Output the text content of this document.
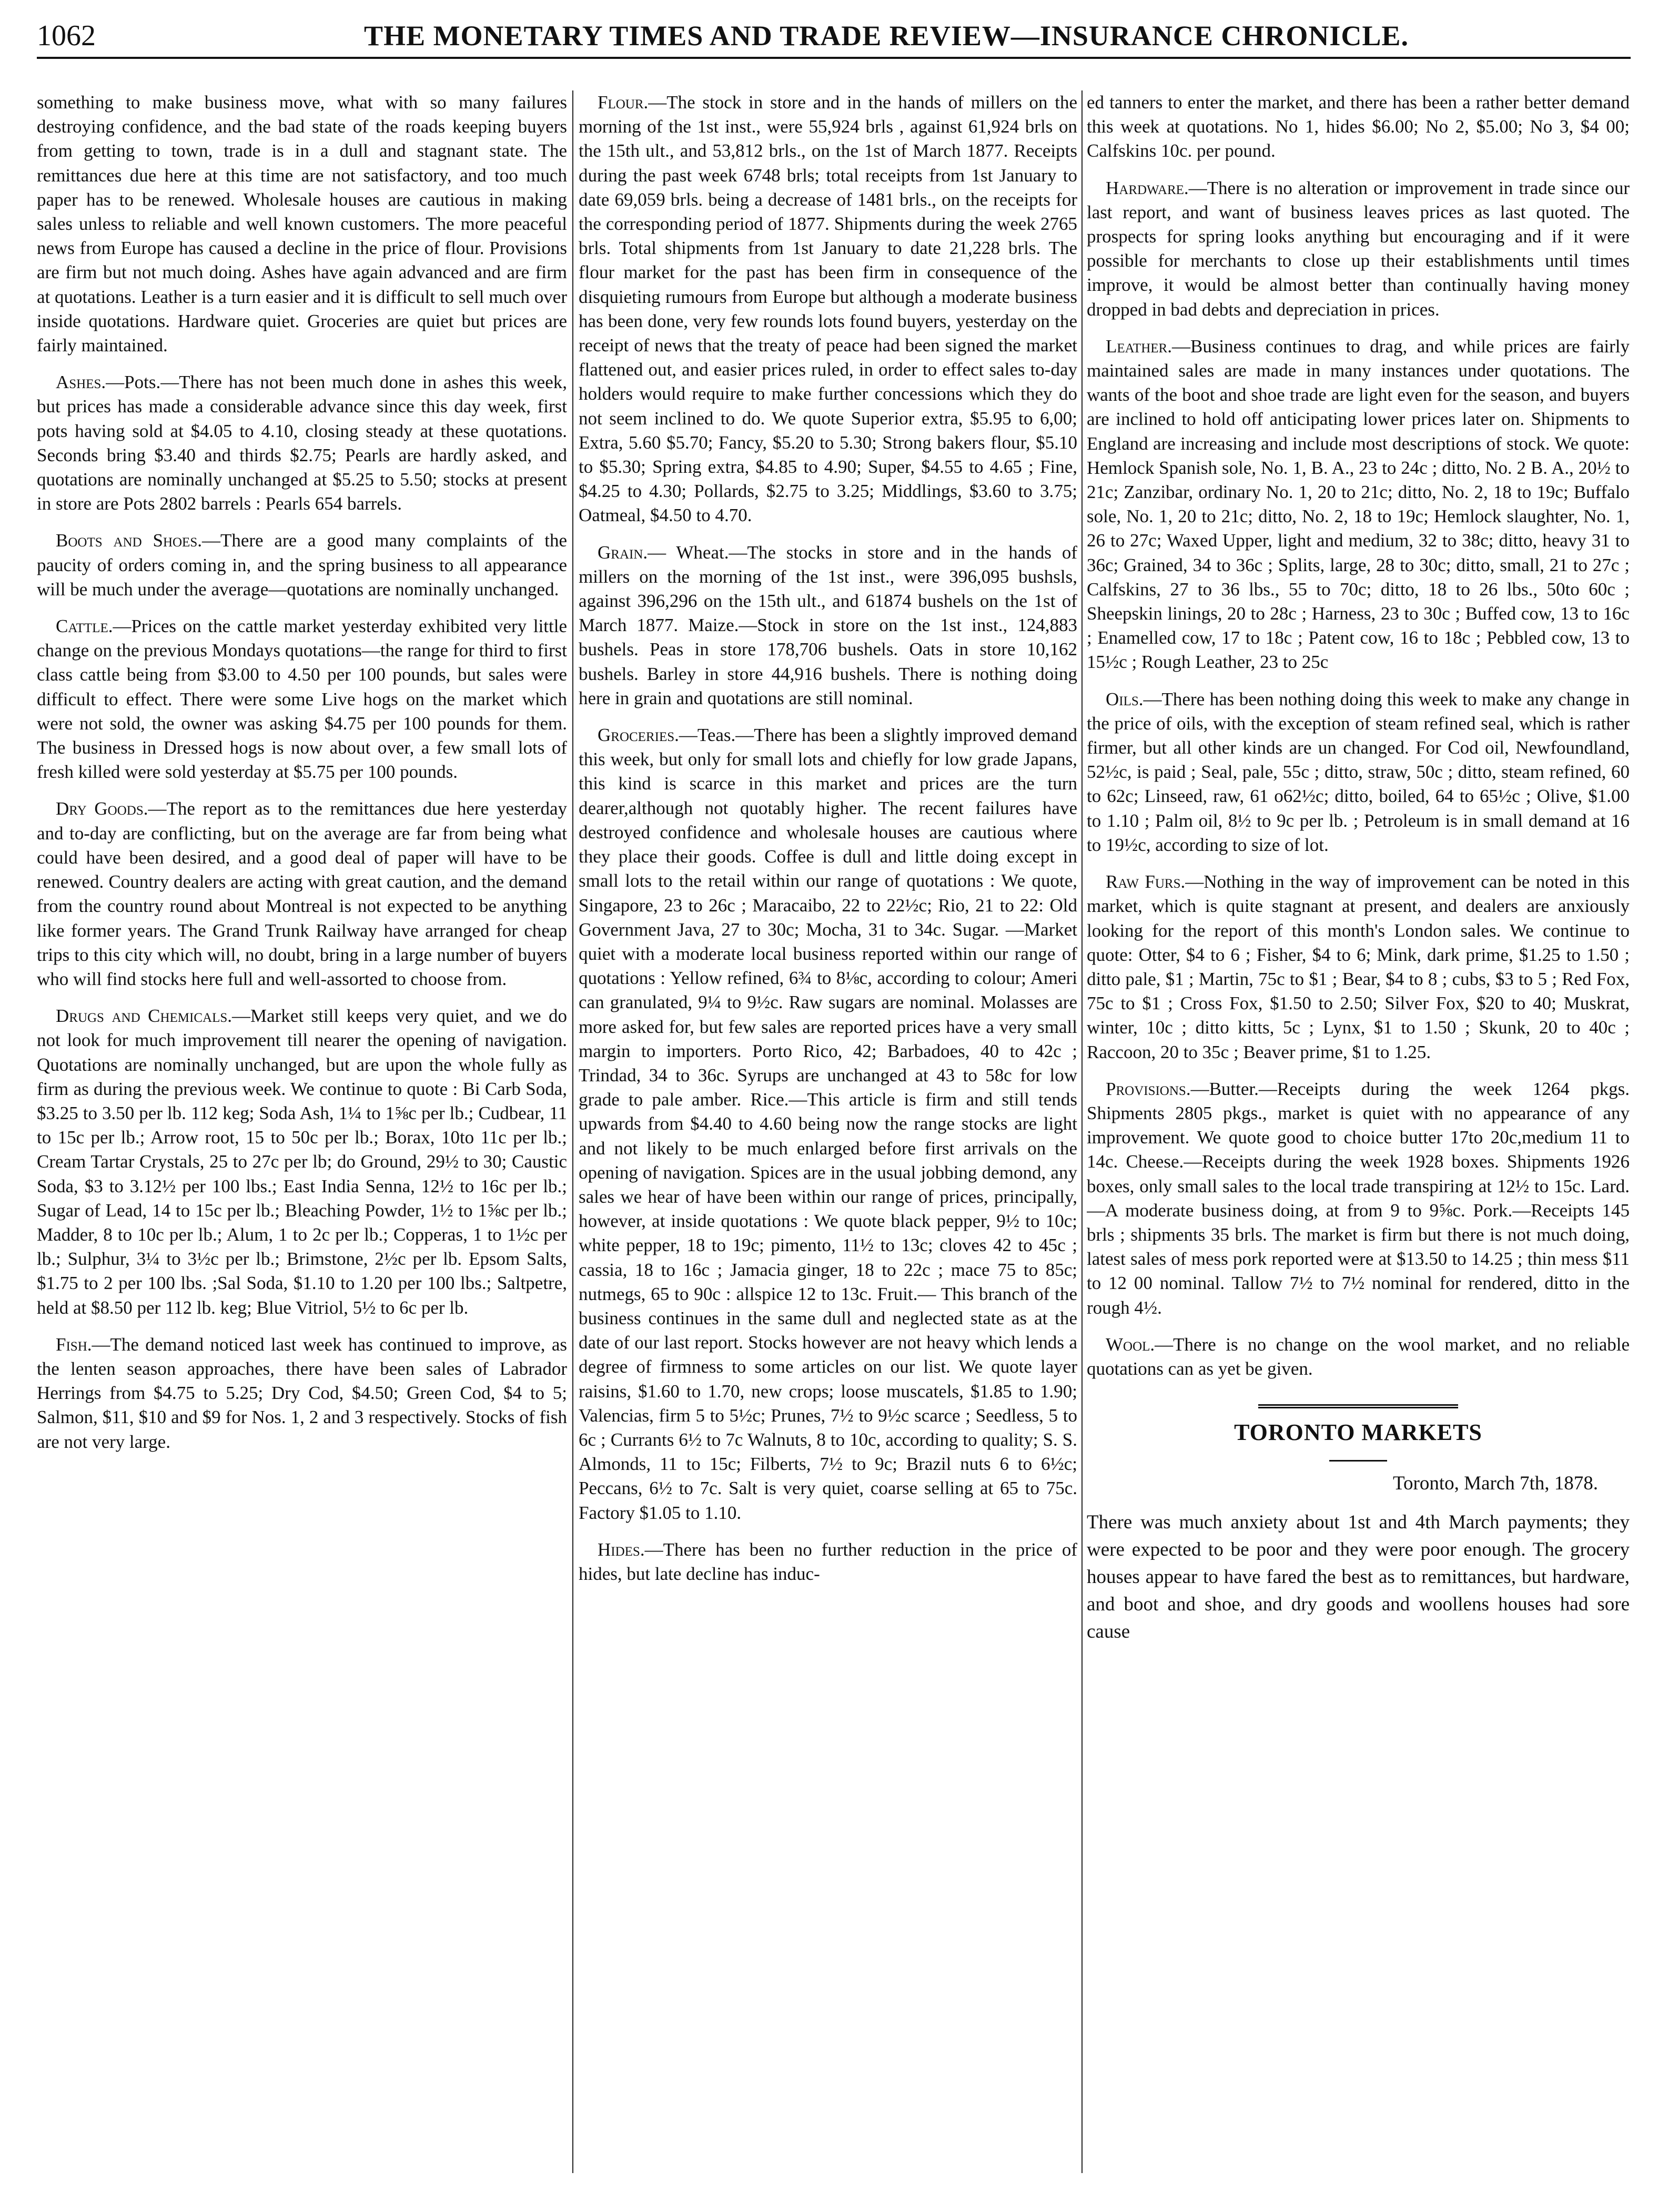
1062	THE MONETARY TIMES AND TRADE REVIEW—INSURANCE CHRONICLE.

something to make business move, what with so many failures destroying confidence, and the bad state of the roads keeping buyers from getting to town, trade is in a dull and stagnant state. The remittances due here at this time are not satisfactory, and too much paper has to be renewed. Wholesale houses are cautious in making sales unless to reliable and well known customers. The more peaceful news from Europe has caused a decline in the price of flour. Provisions are firm but not much doing. Ashes have again advanced and are firm at quotations. Leather is a turn easier and it is difficult to sell much over inside quotations. Hardware quiet. Groceries are quiet but prices are fairly maintained.

Ashes.—Pots.—There has not been much done in ashes this week, but prices has made a considerable advance since this day week, first pots having sold at $4.05 to 4.10, closing steady at these quotations. Seconds bring $3.40 and thirds $2.75; Pearls are hardly asked, and quotations are nominally unchanged at $5.25 to 5.50; stocks at present in store are Pots 2802 barrels : Pearls 654 barrels.

Boots and Shoes.—There are a good many complaints of the paucity of orders coming in, and the spring business to all appearance will be much under the average—quotations are nominally unchanged.

Cattle.—Prices on the cattle market yesterday exhibited very little change on the previous Mondays quotations—the range for third to first class cattle being from $3.00 to 4.50 per 100 pounds, but sales were difficult to effect. There were some Live hogs on the market which were not sold, the owner was asking $4.75 per 100 pounds for them. The business in Dressed hogs is now about over, a few small lots of fresh killed were sold yesterday at $5.75 per 100 pounds.

Dry Goods.—The report as to the remittances due here yesterday and to-day are conflicting, but on the average are far from being what could have been desired, and a good deal of paper will have to be renewed. Country dealers are acting with great caution, and the demand from the country round about Montreal is not expected to be anything like former years. The Grand Trunk Railway have arranged for cheap trips to this city which will, no doubt, bring in a large number of buyers who will find stocks here full and well-assorted to choose from.

Drugs and Chemicals.—Market still keeps very quiet, and we do not look for much improvement till nearer the opening of navigation. Quotations are nominally unchanged, but are upon the whole fully as firm as during the previous week. We continue to quote : Bi Carb Soda, $3.25 to 3.50 per lb. 112 keg; Soda Ash, 1¼ to 1⅝c per lb.; Cudbear, 11 to 15c per lb.; Arrow root, 15 to 50c per lb.; Borax, 10to 11c per lb.; Cream Tartar Crystals, 25 to 27c per lb; do Ground, 29½ to 30; Caustic Soda, $3 to 3.12½ per 100 lbs.; East India Senna, 12½ to 16c per lb.; Sugar of Lead, 14 to 15c per lb.; Bleaching Powder, 1½ to 1⅝c per lb.; Madder, 8 to 10c per lb.; Alum, 1 to 2c per lb.; Copperas, 1 to 1½c per lb.; Sulphur, 3¼ to 3½c per lb.; Brimstone, 2½c per lb. Epsom Salts, $1.75 to 2 per 100 lbs. ;Sal Soda, $1.10 to 1.20 per 100 lbs.; Saltpetre, held at $8.50 per 112 lb. keg; Blue Vitriol, 5½ to 6c per lb.

Fish.—The demand noticed last week has continued to improve, as the lenten season approaches, there have been sales of Labrador Herrings from $4.75 to 5.25; Dry Cod, $4.50; Green Cod, $4 to 5; Salmon, $11, $10 and $9 for Nos. 1, 2 and 3 respectively. Stocks of fish are not very large.

Flour.—The stock in store and in the hands of millers on the morning of the 1st inst., were 55,924 brls , against 61,924 brls on the 15th ult., and 53,812 brls., on the 1st of March 1877. Receipts during the past week 6748 brls; total receipts from 1st January to date 69,059 brls. being a decrease of 1481 brls., on the receipts for the corresponding period of 1877. Shipments during the week 2765 brls. Total shipments from 1st January to date 21,228 brls. The flour market for the past has been firm in consequence of the disquieting rumours from Europe but although a moderate business has been done, very few rounds lots found buyers, yesterday on the receipt of news that the treaty of peace had been signed the market flattened out, and easier prices ruled, in order to effect sales to-day holders would require to make further concessions which they do not seem inclined to do. We quote Superior extra, $5.95 to 6,00; Extra, 5.60 $5.70; Fancy, $5.20 to 5.30; Strong bakers flour, $5.10 to $5.30; Spring extra, $4.85 to 4.90; Super, $4.55 to 4.65 ; Fine, $4.25 to 4.30; Pollards, $2.75 to 3.25; Middlings, $3.60 to 3.75; Oatmeal, $4.50 to 4.70.

Grain.— Wheat.—The stocks in store and in the hands of millers on the morning of the 1st inst., were 396,095 bushsls, against 396,296 on the 15th ult., and 61874 bushels on the 1st of March 1877. Maize.—Stock in store on the 1st inst., 124,883 bushels. Peas in store 178,706 bushels. Oats in store 10,162 bushels. Barley in store 44,916 bushels. There is nothing doing here in grain and quotations are still nominal.

Groceries.—Teas.—There has been a slightly improved demand this week, but only for small lots and chiefly for low grade Japans, this kind is scarce in this market and prices are the turn dearer,although not quotably higher. The recent failures have destroyed confidence and wholesale houses are cautious where they place their goods. Coffee is dull and little doing except in small lots to the retail within our range of quotations : We quote, Singapore, 23 to 26c ; Maracaibo, 22 to 22½c; Rio, 21 to 22: Old Government Java, 27 to 30c; Mocha, 31 to 34c. Sugar. —Market quiet with a moderate local business reported within our range of quotations : Yellow refined, 6¾ to 8⅛c, according to colour; Ameri can granulated, 9¼ to 9½c. Raw sugars are nominal. Molasses are more asked for, but few sales are reported prices have a very small margin to importers. Porto Rico, 42; Barbadoes, 40 to 42c ; Trindad, 34 to 36c. Syrups are unchanged at 43 to 58c for low grade to pale amber. Rice.—This article is firm and still tends upwards from $4.40 to 4.60 being now the range stocks are light and not likely to be much enlarged before first arrivals on the opening of navigation. Spices are in the usual jobbing demond, any sales we hear of have been within our range of prices, principally, however, at inside quotations : We quote black pepper, 9½ to 10c; white pepper, 18 to 19c; pimento, 11½ to 13c; cloves 42 to 45c ; cassia, 18 to 16c ; Jamacia ginger, 18 to 22c ; mace 75 to 85c; nutmegs, 65 to 90c : allspice 12 to 13c. Fruit.— This branch of the business continues in the same dull and neglected state as at the date of our last report. Stocks however are not heavy which lends a degree of firmness to some articles on our list. We quote layer raisins, $1.60 to 1.70, new crops; loose muscatels, $1.85 to 1.90; Valencias, firm 5 to 5½c; Prunes, 7½ to 9½c scarce ; Seedless, 5 to 6c ; Currants 6½ to 7c Walnuts, 8 to 10c, according to quality; S. S. Almonds, 11 to 15c; Filberts, 7½ to 9c; Brazil nuts 6 to 6½c; Peccans, 6½ to 7c. Salt is very quiet, coarse selling at 65 to 75c. Factory $1.05 to 1.10.

Hides.—There has been no further reduction in the price of hides, but late decline has induc-

ed tanners to enter the market, and there has been a rather better demand this week at quotations. No 1, hides $6.00; No 2, $5.00; No 3, $4 00; Calfskins 10c. per pound.

Hardware.—There is no alteration or improvement in trade since our last report, and want of business leaves prices as last quoted. The prospects for spring looks anything but encouraging and if it were possible for merchants to close up their establishments until times improve, it would be almost better than continually having money dropped in bad debts and depreciation in prices.

Leather.—Business continues to drag, and while prices are fairly maintained sales are made in many instances under quotations. The wants of the boot and shoe trade are light even for the season, and buyers are inclined to hold off anticipating lower prices later on. Shipments to England are increasing and include most descriptions of stock. We quote: Hemlock Spanish sole, No. 1, B. A., 23 to 24c ; ditto, No. 2 B. A., 20½ to 21c; Zanzibar, ordinary No. 1, 20 to 21c; ditto, No. 2, 18 to 19c; Buffalo sole, No. 1, 20 to 21c; ditto, No. 2, 18 to 19c; Hemlock slaughter, No. 1, 26 to 27c; Waxed Upper, light and medium, 32 to 38c; ditto, heavy 31 to 36c; Grained, 34 to 36c ; Splits, large, 28 to 30c; ditto, small, 21 to 27c ; Calfskins, 27 to 36 lbs., 55 to 70c; ditto, 18 to 26 lbs., 50to 60c ; Sheepskin linings, 20 to 28c ; Harness, 23 to 30c ; Buffed cow, 13 to 16c ; Enamelled cow, 17 to 18c ; Patent cow, 16 to 18c ; Pebbled cow, 13 to 15½c ; Rough Leather, 23 to 25c

Oils.—There has been nothing doing this week to make any change in the price of oils, with the exception of steam refined seal, which is rather firmer, but all other kinds are un changed. For Cod oil, Newfoundland, 52½c, is paid ; Seal, pale, 55c ; ditto, straw, 50c ; ditto, steam refined, 60 to 62c; Linseed, raw, 61 o62½c; ditto, boiled, 64 to 65½c ; Olive, $1.00 to 1.10 ; Palm oil, 8½ to 9c per lb. ; Petroleum is in small demand at 16 to 19½c, according to size of lot.

Raw Furs.—Nothing in the way of improvement can be noted in this market, which is quite stagnant at present, and dealers are anxiously looking for the report of this month's London sales. We continue to quote: Otter, $4 to 6 ; Fisher, $4 to 6; Mink, dark prime, $1.25 to 1.50 ; ditto pale, $1 ; Martin, 75c to $1 ; Bear, $4 to 8 ; cubs, $3 to 5 ; Red Fox, 75c to $1 ; Cross Fox, $1.50 to 2.50; Silver Fox, $20 to 40; Muskrat, winter, 10c ; ditto kitts, 5c ; Lynx, $1 to 1.50 ; Skunk, 20 to 40c ; Raccoon, 20 to 35c ; Beaver prime, $1 to 1.25.

Provisions.—Butter.—Receipts during the week 1264 pkgs. Shipments 2805 pkgs., market is quiet with no appearance of any improvement. We quote good to choice butter 17to 20c,medium 11 to 14c. Cheese.—Receipts during the week 1928 boxes. Shipments 1926 boxes, only small sales to the local trade transpiring at 12½ to 15c. Lard.—A moderate business doing, at from 9 to 9⅝c. Pork.—Receipts 145 brls ; shipments 35 brls. The market is firm but there is not much doing, latest sales of mess pork reported were at $13.50 to 14.25 ; thin mess $11 to 12 00 nominal. Tallow 7½ to 7½ nominal for rendered, ditto in the rough 4½.

Wool.—There is no change on the wool market, and no reliable quotations can as yet be given.

TORONTO MARKETS

Toronto, March 7th, 1878.

There was much anxiety about 1st and 4th March payments; they were expected to be poor and they were poor enough. The grocery houses appear to have fared the best as to remittances, but hardware, and boot and shoe, and dry goods and woollens houses had sore cause
